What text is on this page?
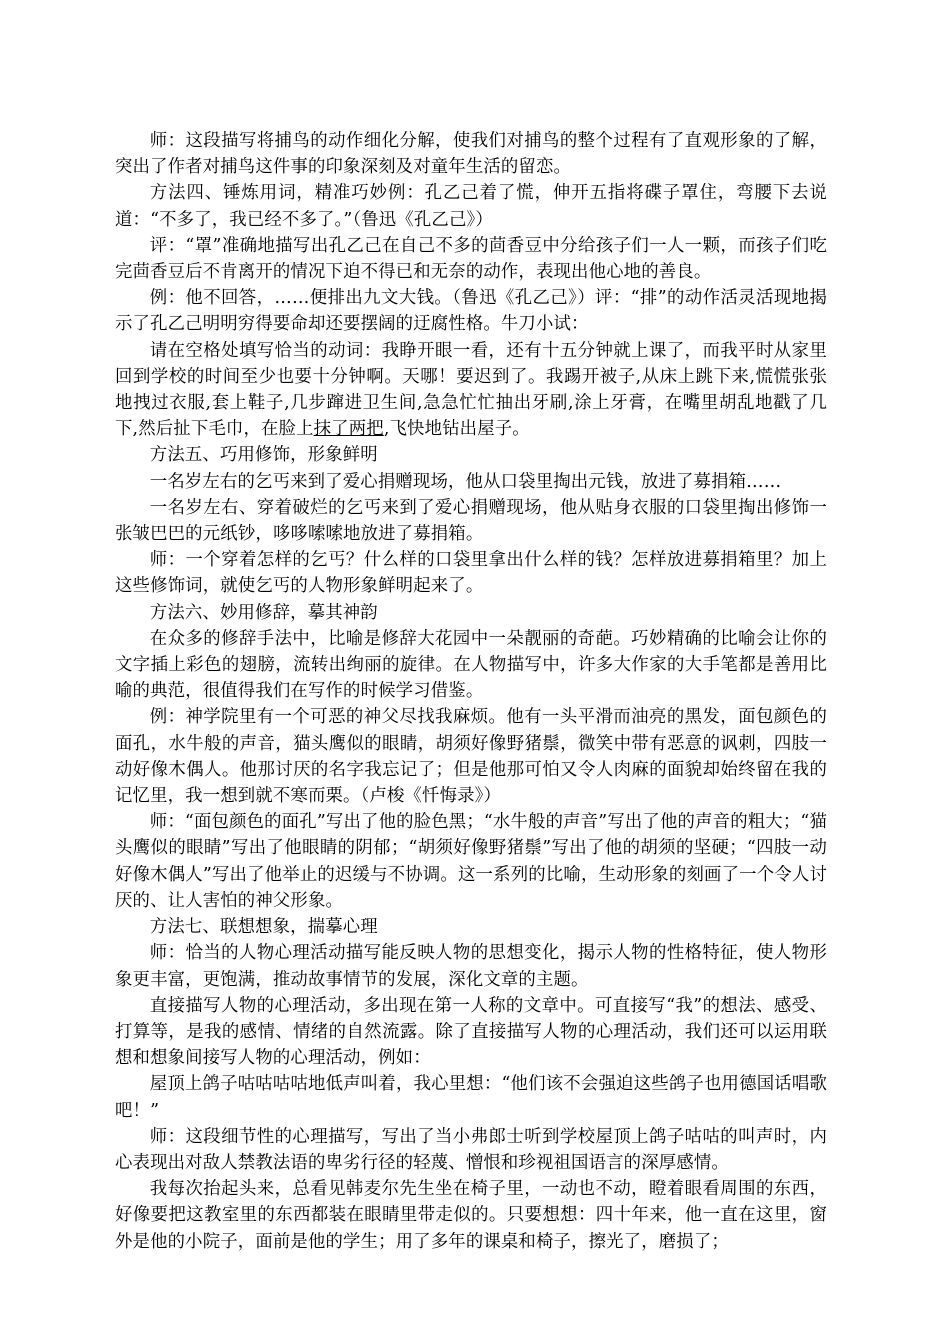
师：这段描写将捕鸟的动作细化分解，使我们对捕鸟的整个过程有了直观形象的了解，突出了作者对捕鸟这件事的印象深刻及对童年生活的留恋。

方法四、锤炼用词，精准巧妙例：孔乙己着了慌，伸开五指将碟子罩住，弯腰下去说道：“不多了，我已经不多了。”（鲁迅《孔乙己》）

评：“罩”准确地描写出孔乙己在自己不多的茴香豆中分给孩子们一人一颗，而孩子们吃完茴香豆后不肯离开的情况下迫不得已和无奈的动作，表现出他心地的善良。

例：他不回答，……便排出九文大钱。（鲁迅《孔乙己》）评：“排”的动作活灵活现地揭示了孔乙己明明穷得要命却还要摆阔的迂腐性格。牛刀小试：

请在空格处填写恰当的动词：我睁开眼一看，还有十五分钟就上课了，而我平时从家里回到学校的时间至少也要十分钟啊。天哪！要迟到了。我踢开被子,从床上跳下来,慌慌张张地拽过衣服,套上鞋子,几步蹿进卫生间,急急忙忙抽出牙刷,涂上牙膏，在嘴里胡乱地戳了几下,然后扯下毛巾，在脸上抹了两把,飞快地钻出屋子。

方法五、巧用修饰，形象鲜明

一名岁左右的乞丐来到了爱心捐赠现场，他从口袋里掏出元钱，放进了募捐箱……

一名岁左右、穿着破烂的乞丐来到了爱心捐赠现场，他从贴身衣服的口袋里掏出修饰一张皱巴巴的元纸钞，哆哆嗦嗦地放进了募捐箱。

师：一个穿着怎样的乞丐？什么样的口袋里拿出什么样的钱？怎样放进募捐箱里？加上这些修饰词，就使乞丐的人物形象鲜明起来了。

方法六、妙用修辞，摹其神韵

在众多的修辞手法中，比喻是修辞大花园中一朵靓丽的奇葩。巧妙精确的比喻会让你的文字插上彩色的翅膀，流转出绚丽的旋律。在人物描写中，许多大作家的大手笔都是善用比喻的典范，很值得我们在写作的时候学习借鉴。

例：神学院里有一个可恶的神父尽找我麻烦。他有一头平滑而油亮的黑发，面包颜色的面孔，水牛般的声音，猫头鹰似的眼睛，胡须好像野猪鬃，微笑中带有恶意的讽刺，四肢一动好像木偶人。他那讨厌的名字我忘记了；但是他那可怕又令人肉麻的面貌却始终留在我的记忆里，我一想到就不寒而栗。（卢梭《忏悔录》）

师：“面包颜色的面孔”写出了他的脸色黑；“水牛般的声音”写出了他的声音的粗大；“猫头鹰似的眼睛”写出了他眼睛的阴郁；“胡须好像野猪鬃”写出了他的胡须的坚硬；“四肢一动好像木偶人”写出了他举止的迟缓与不协调。这一系列的比喻，生动形象的刻画了一个令人讨厌的、让人害怕的神父形象。

方法七、联想想象，揣摹心理

师：恰当的人物心理活动描写能反映人物的思想变化，揭示人物的性格特征，使人物形象更丰富，更饱满，推动故事情节的发展，深化文章的主题。

直接描写人物的心理活动，多出现在第一人称的文章中。可直接写“我”的想法、感受、打算等，是我的感情、情绪的自然流露。除了直接描写人物的心理活动，我们还可以运用联想和想象间接写人物的心理活动，例如：

屋顶上鸽子咕咕咕咕地低声叫着，我心里想：“他们该不会强迫这些鸽子也用德国话唱歌吧！”

师：这段细节性的心理描写，写出了当小弗郎士听到学校屋顶上鸽子咕咕的叫声时，内心表现出对敌人禁教法语的卑劣行径的轻蔑、憎恨和珍视祖国语言的深厚感情。

我每次抬起头来，总看见韩麦尔先生坐在椅子里，一动也不动，瞪着眼看周围的东西，好像要把这教室里的东西都装在眼睛里带走似的。只要想想：四十年来，他一直在这里，窗外是他的小院子，面前是他的学生；用了多年的课桌和椅子，擦光了，磨损了；
